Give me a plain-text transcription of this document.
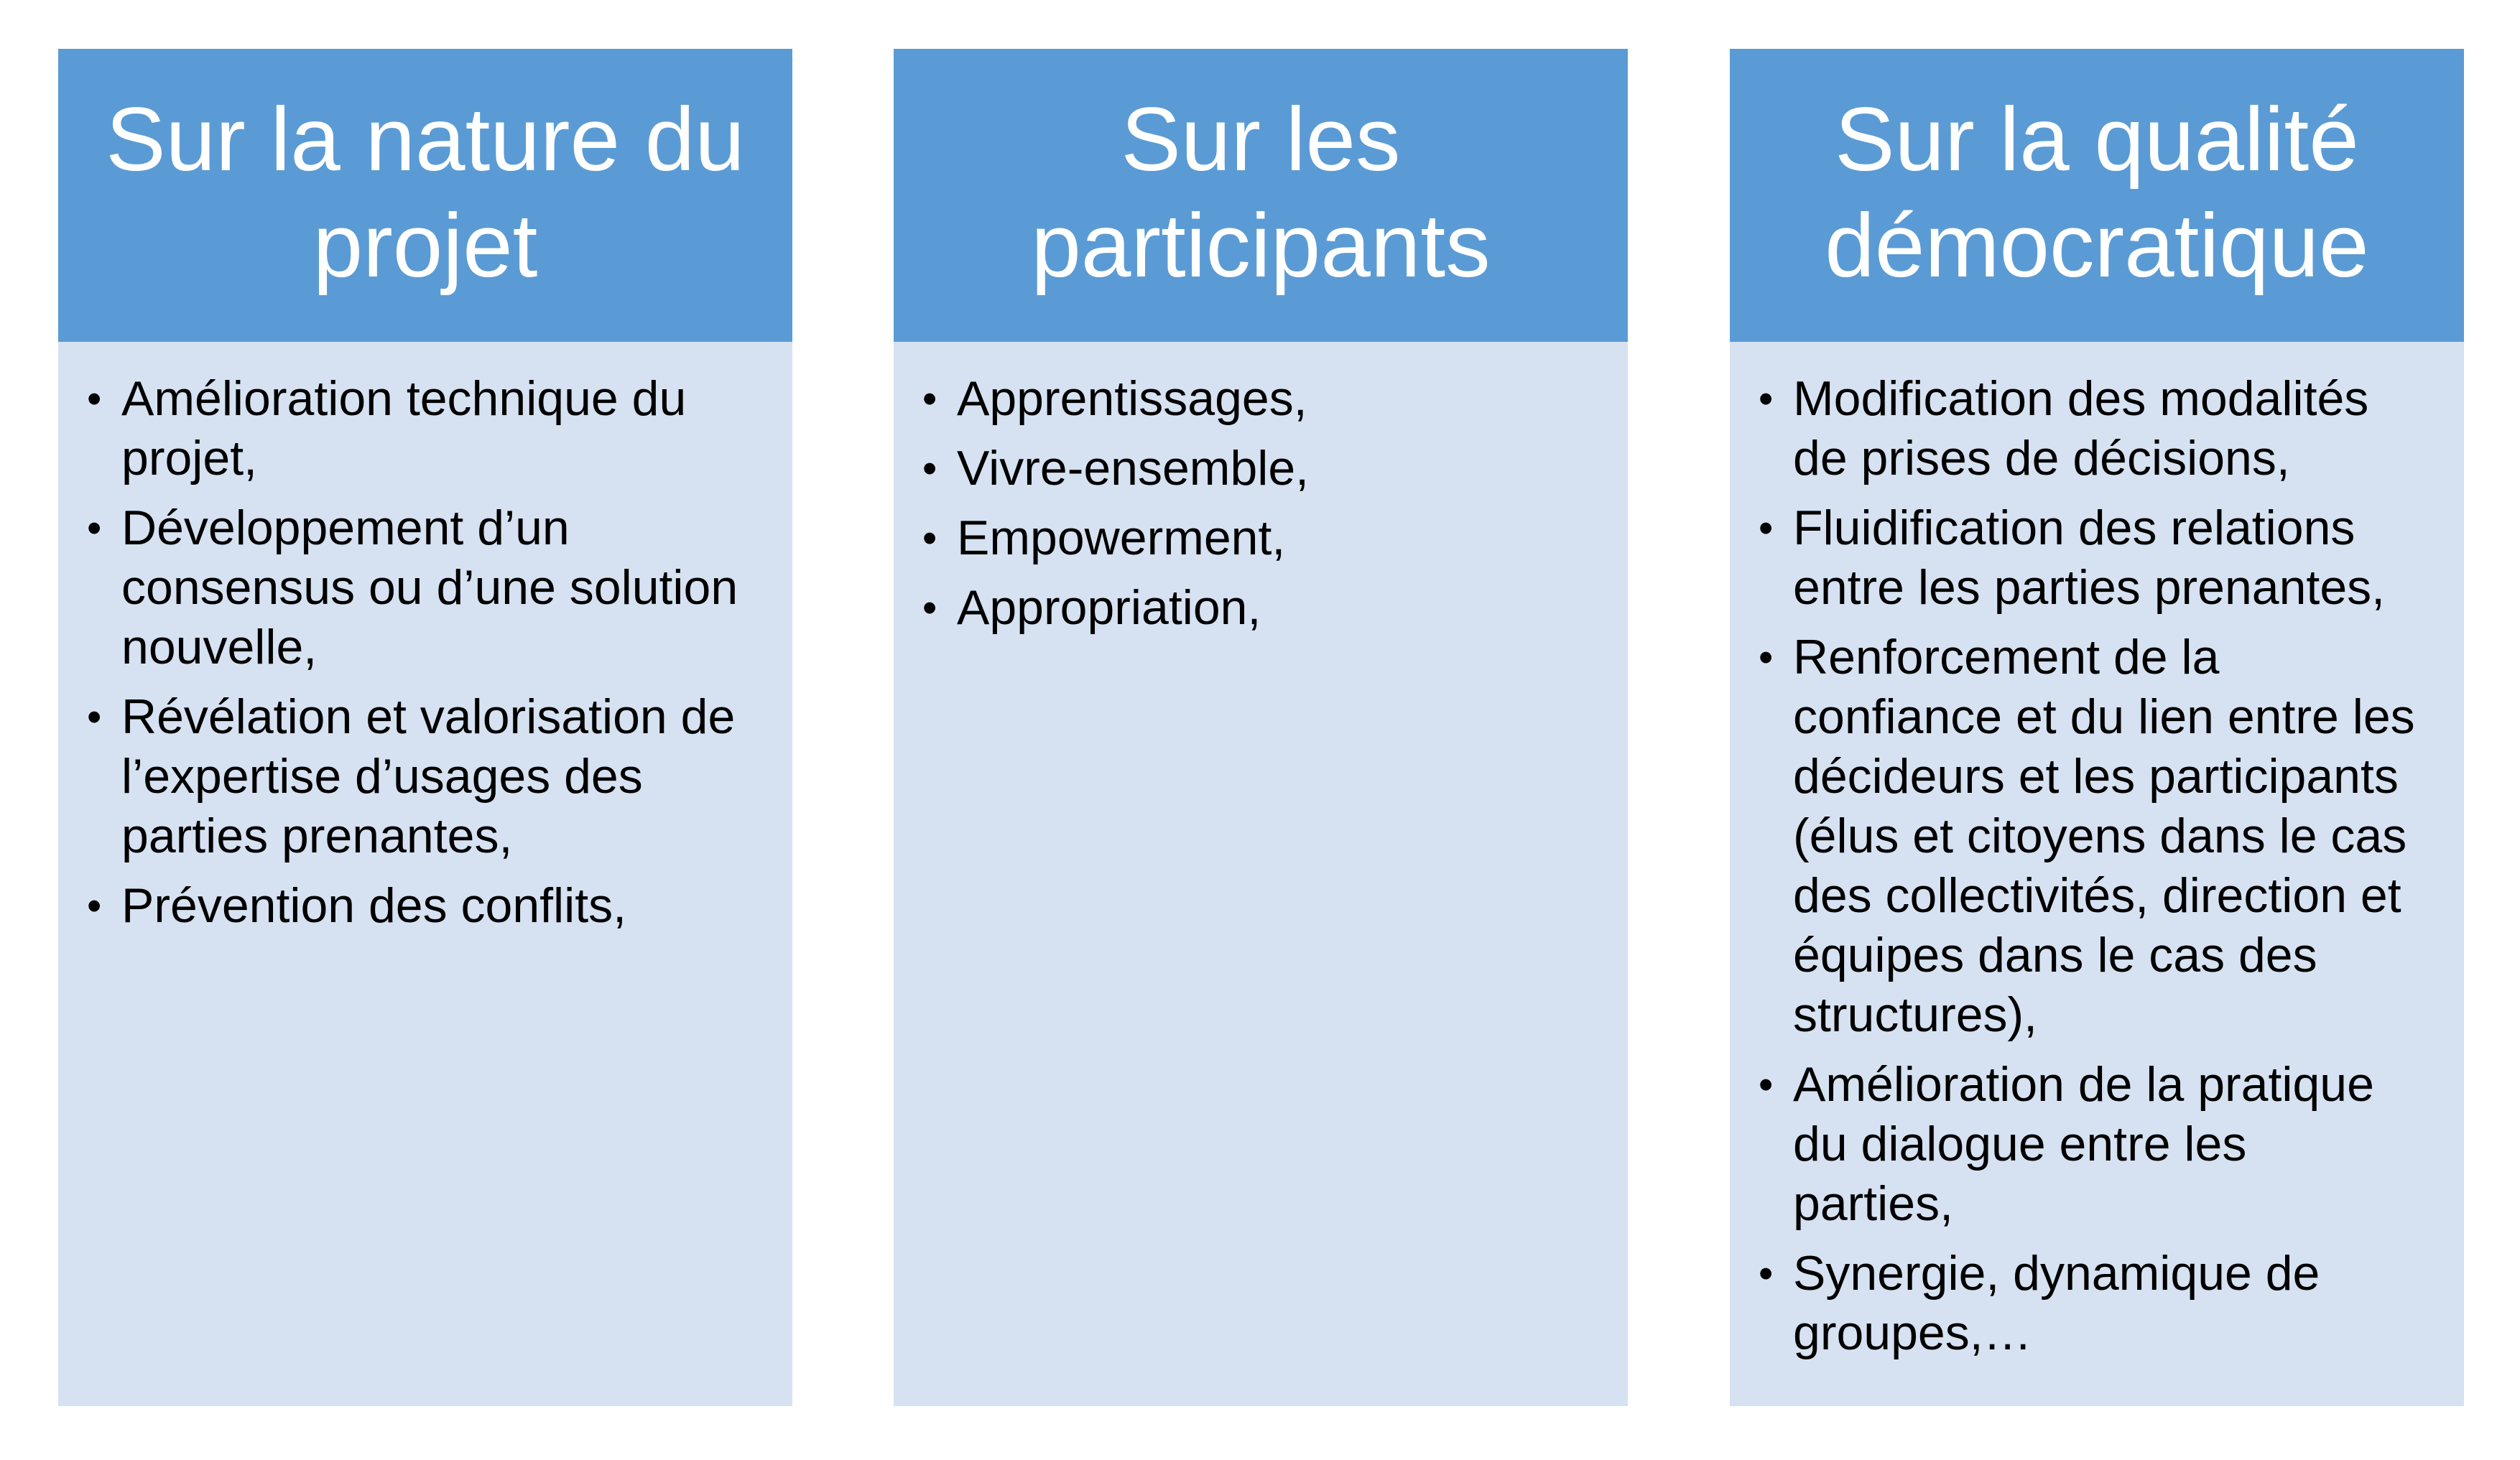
Sur la nature du
projet
• Amélioration technique du
projet,
• Développement d’un
consensus ou d’une solution
nouvelle,
• Révélation et valorisation de
l’expertise d’usages des
parties prenantes,
• Prévention des conflits,
Sur les
participants
• Apprentissages,
• Vivre-ensemble,
• Empowerment,
• Appropriation,
Sur la qualité
démocratique
• Modification des modalités
de prises de décisions,
• Fluidification des relations
entre les parties prenantes,
• Renforcement de la
confiance et du lien entre les
décideurs et les participants
(élus et citoyens dans le cas
des collectivités, direction et
équipes dans le cas des
structures),
• Amélioration de la pratique
du dialogue entre les
parties,
• Synergie, dynamique de
groupes,…
